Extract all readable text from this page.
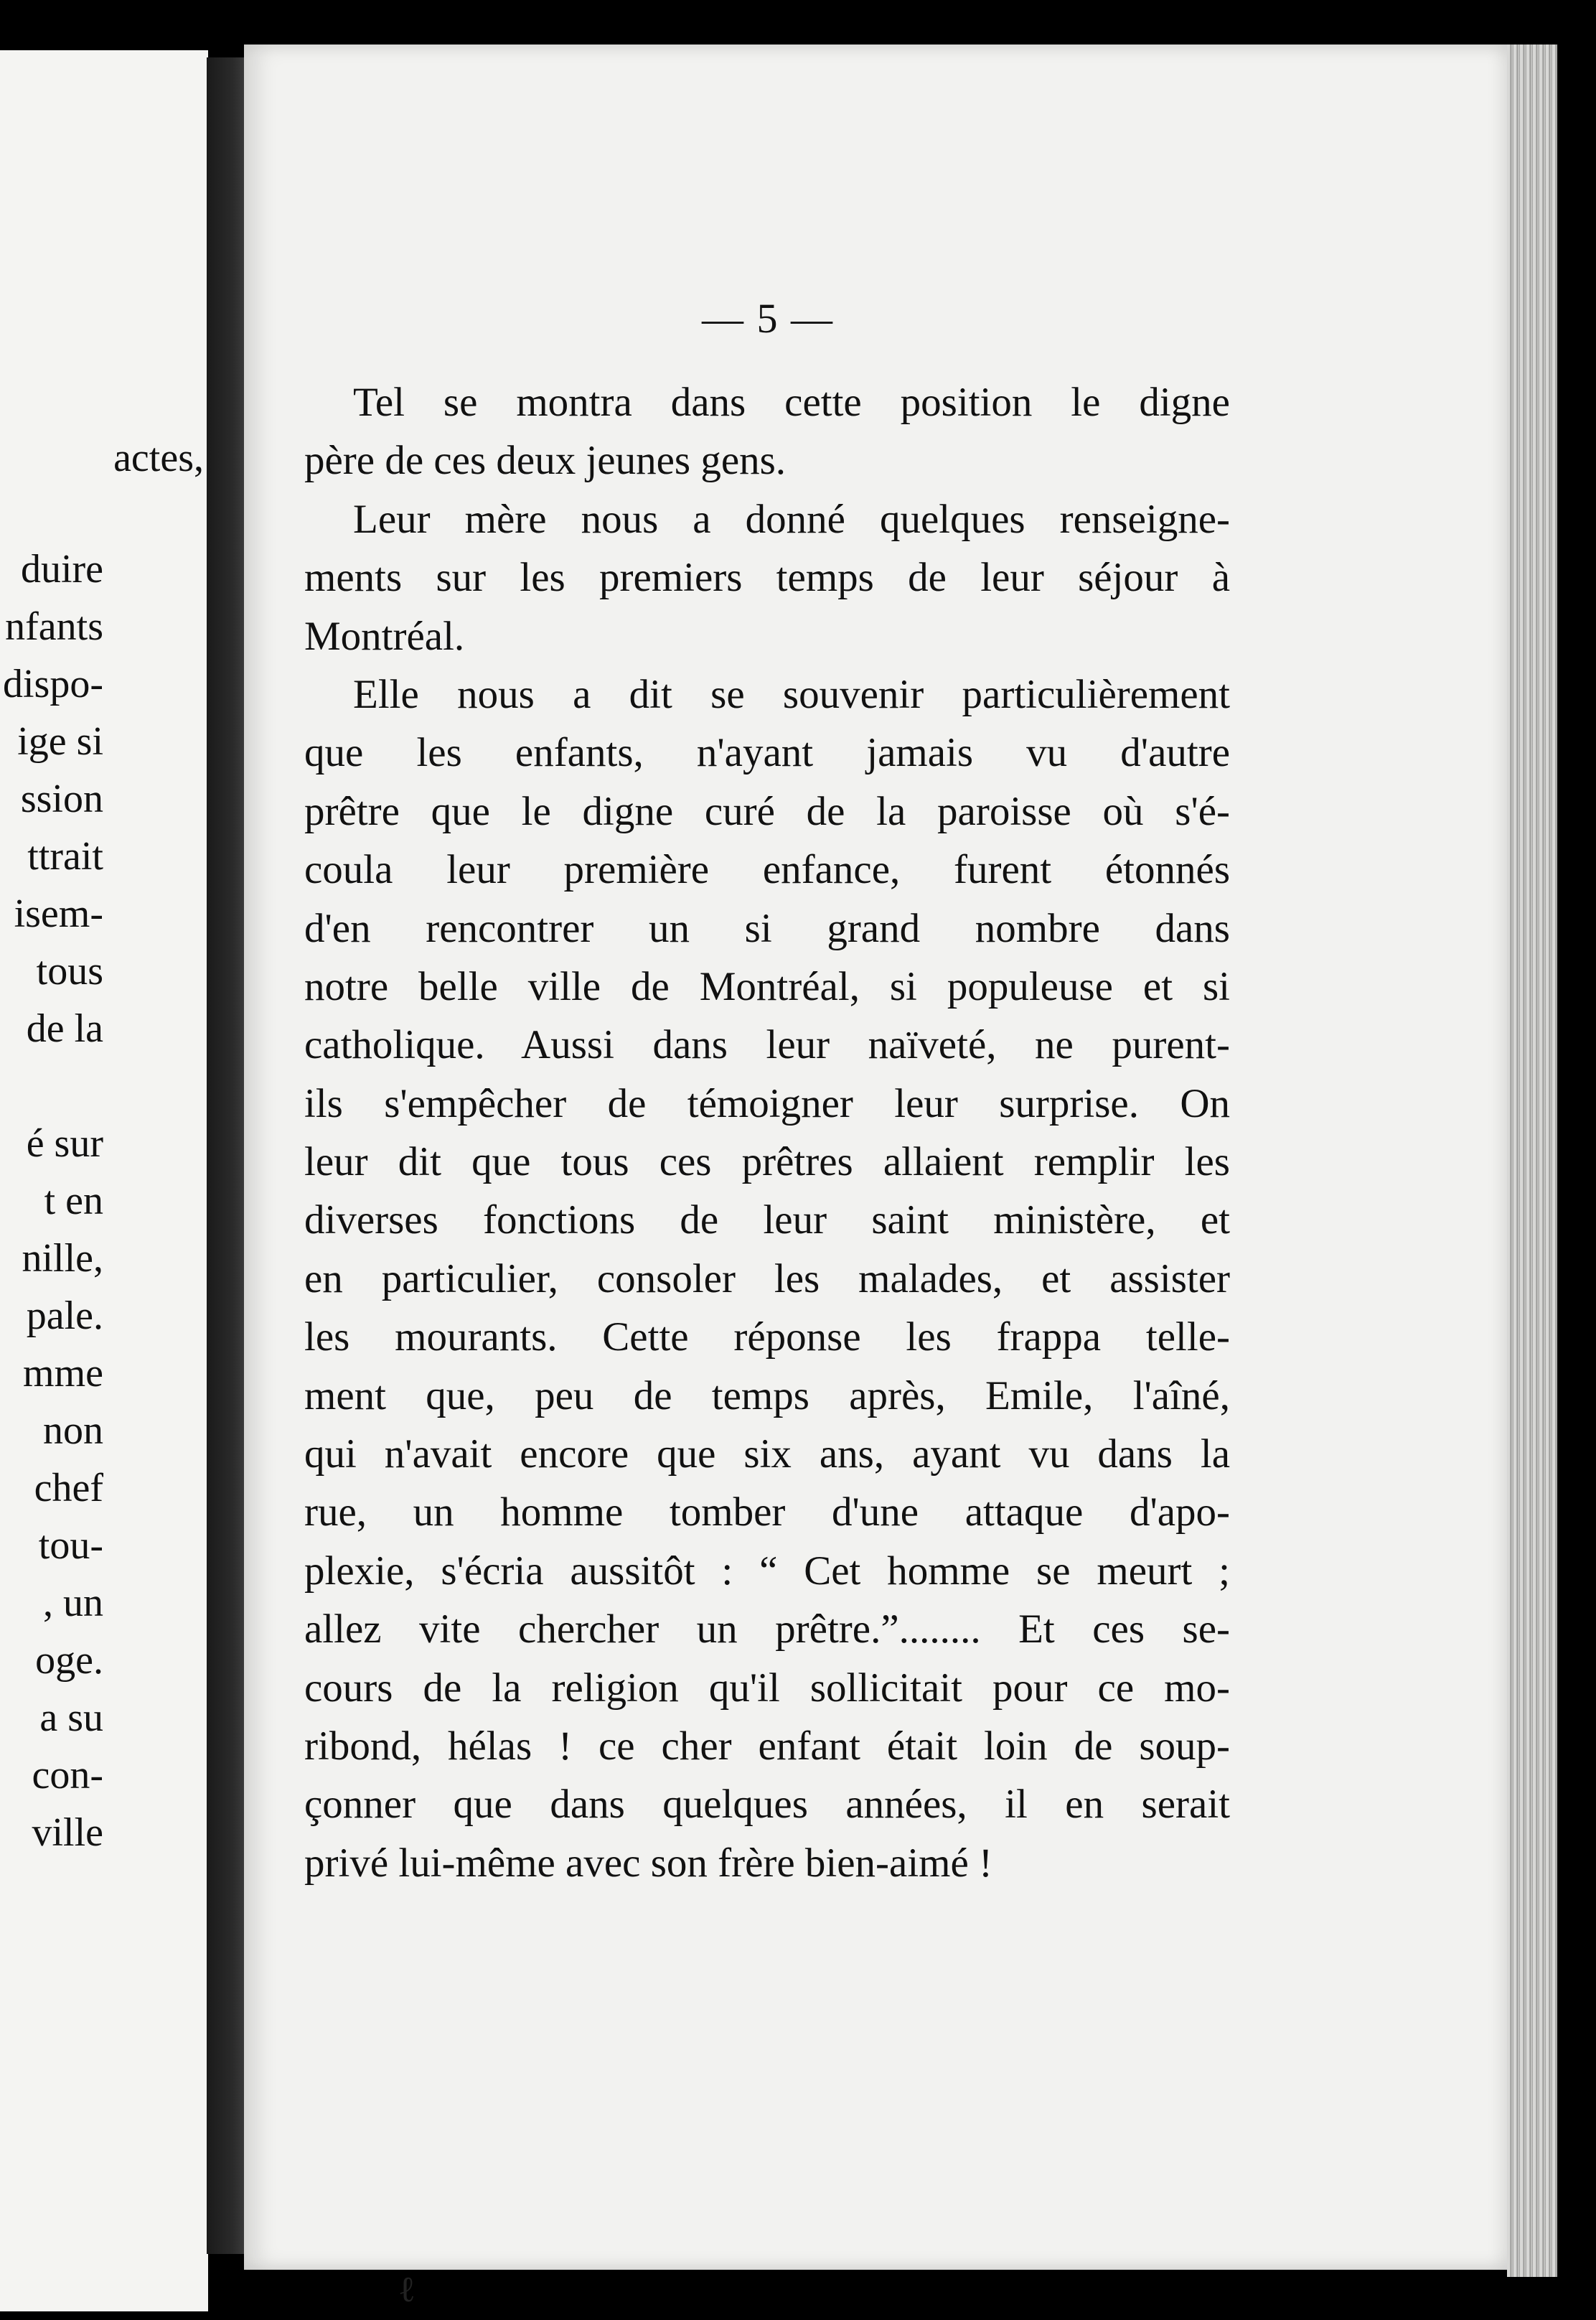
actes,
duire
nfants
dispo-
ige si
ssion
ttrait
isem-
tous
de la
é sur
t en
nille,
pale.
mme
non
chef
tou-
, un
oge.
a su
con-
ville
— 5 —
Tel se montra dans cette position le digne
père de ces deux jeunes gens.
Leur mère nous a donné quelques renseigne-
ments sur les premiers temps de leur séjour à
Montréal.
Elle nous a dit se souvenir particulièrement
que les enfants, n'ayant jamais vu d'autre
prêtre que le digne curé de la paroisse où s'é-
coula leur première enfance, furent étonnés
d'en rencontrer un si grand nombre dans
notre belle ville de Montréal, si populeuse et si
catholique. Aussi dans leur naïveté, ne purent-
ils s'empêcher de témoigner leur surprise. On
leur dit que tous ces prêtres allaient remplir les
diverses fonctions de leur saint ministère, et
en particulier, consoler les malades, et assister
les mourants. Cette réponse les frappa telle-
ment que, peu de temps après, Emile, l'aîné,
qui n'avait encore que six ans, ayant vu dans la
rue, un homme tomber d'une attaque d'apo-
plexie, s'écria aussitôt : “ Cet homme se meurt ;
allez vite chercher un prêtre.”........ Et ces se-
cours de la religion qu'il sollicitait pour ce mo-
ribond, hélas ! ce cher enfant était loin de soup-
çonner que dans quelques années, il en serait
privé lui-même avec son frère bien-aimé !
ℓ
